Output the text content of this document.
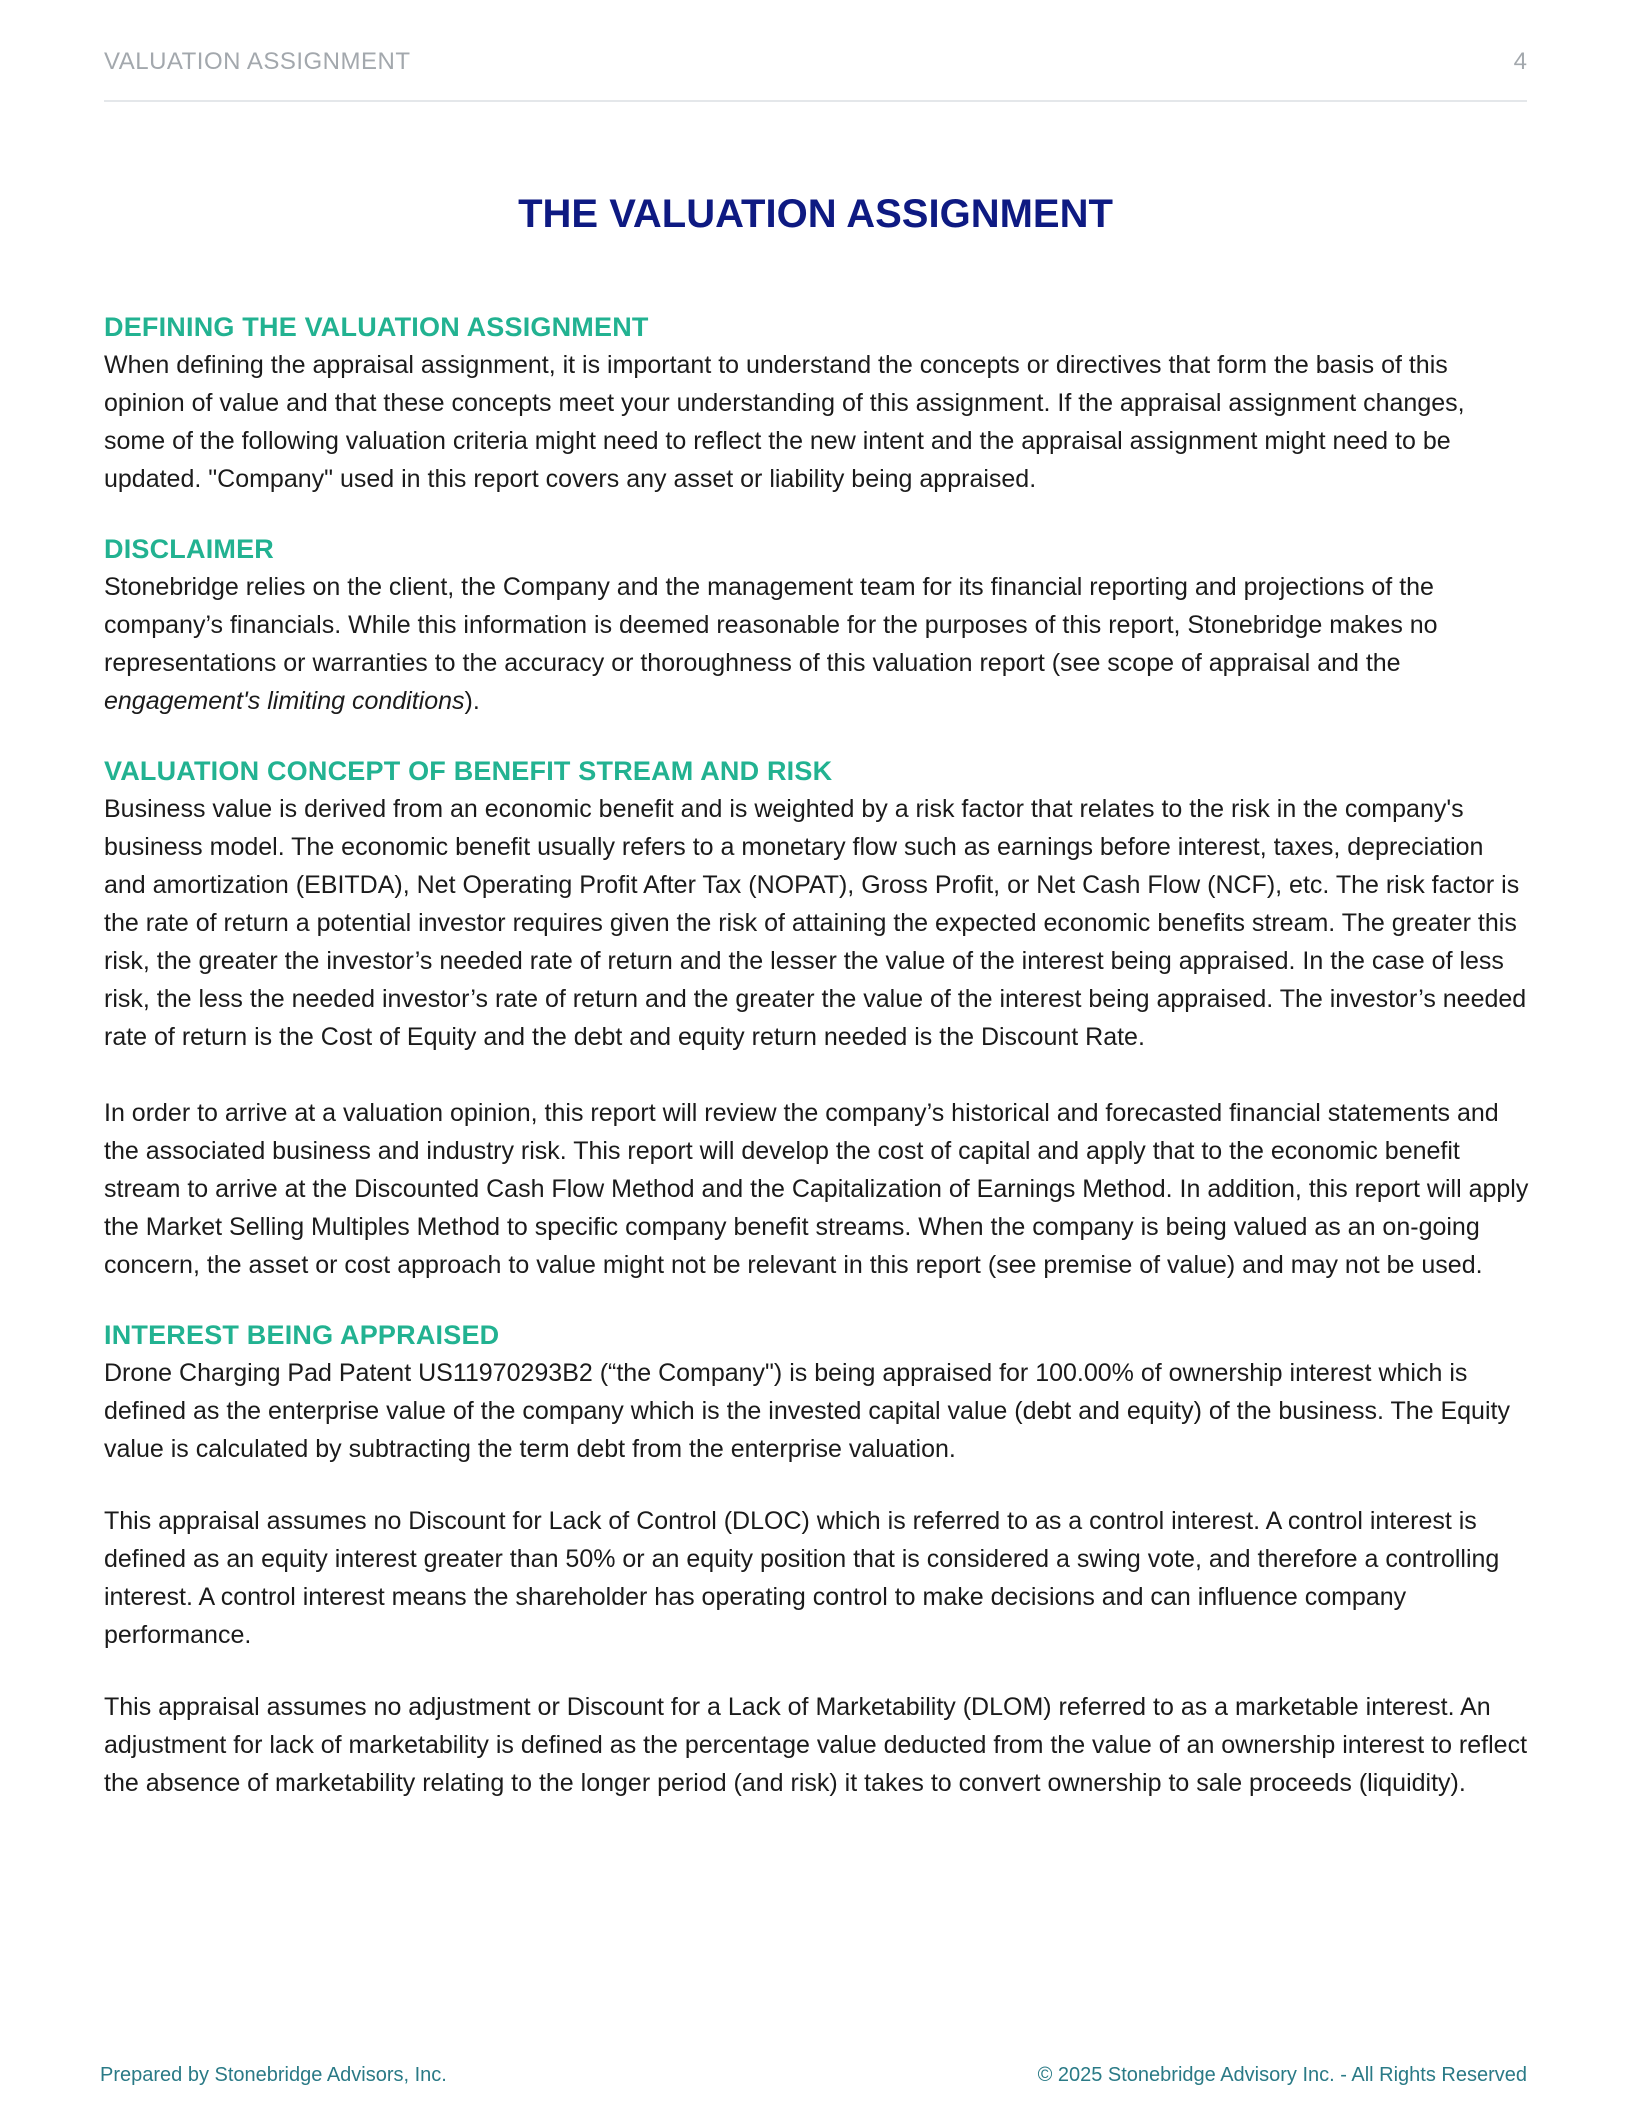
VALUATION ASSIGNMENT	4
THE VALUATION ASSIGNMENT
DEFINING THE VALUATION ASSIGNMENT

When defining the appraisal assignment, it is important to understand the concepts or directives that form the basis of this opinion of value and that these concepts meet your understanding of this assignment. If the appraisal assignment changes, some of the following valuation criteria might need to reflect the new intent and the appraisal assignment might need to be updated. "Company" used in this report covers any asset or liability being appraised.

DISCLAIMER

Stonebridge relies on the client, the Company and the management team for its financial reporting and projections of the company’s financials. While this information is deemed reasonable for the purposes of this report, Stonebridge makes no representations or warranties to the accuracy or thoroughness of this valuation report (see scope of appraisal and the engagement's limiting conditions).

VALUATION CONCEPT OF BENEFIT STREAM AND RISK

Business value is derived from an economic benefit and is weighted by a risk factor that relates to the risk in the company's business model. The economic benefit usually refers to a monetary flow such as earnings before interest, taxes, depreciation and amortization (EBITDA), Net Operating Profit After Tax (NOPAT), Gross Profit, or Net Cash Flow (NCF), etc. The risk factor is the rate of return a potential investor requires given the risk of attaining the expected economic benefits stream. The greater this risk, the greater the investor’s needed rate of return and the lesser the value of the interest being appraised. In the case of less risk, the less the needed investor’s rate of return and the greater the value of the interest being appraised. The investor’s needed rate of return is the Cost of Equity and the debt and equity return needed is the Discount Rate.

In order to arrive at a valuation opinion, this report will review the company’s historical and forecasted financial statements and the associated business and industry risk. This report will develop the cost of capital and apply that to the economic benefit stream to arrive at the Discounted Cash Flow Method and the Capitalization of Earnings Method. In addition, this report will apply the Market Selling Multiples Method to specific company benefit streams. When the company is being valued as an on-going concern, the asset or cost approach to value might not be relevant in this report (see premise of value) and may not be used.

INTEREST BEING APPRAISED

Drone Charging Pad Patent US11970293B2 (“the Company") is being appraised for 100.00% of ownership interest which is defined as the enterprise value of the company which is the invested capital value (debt and equity) of the business. The Equity value is calculated by subtracting the term debt from the enterprise valuation.

This appraisal assumes no Discount for Lack of Control (DLOC) which is referred to as a control interest. A control interest is defined as an equity interest greater than 50% or an equity position that is considered a swing vote, and therefore a controlling interest. A control interest means the shareholder has operating control to make decisions and can influence company performance.

This appraisal assumes no adjustment or Discount for a Lack of Marketability (DLOM) referred to as a marketable interest. An adjustment for lack of marketability is defined as the percentage value deducted from the value of an ownership interest to reflect the absence of marketability relating to the longer period (and risk) it takes to convert ownership to sale proceeds (liquidity).

Prepared by Stonebridge Advisors, Inc.	© 2025 Stonebridge Advisory Inc. - All Rights Reserved
